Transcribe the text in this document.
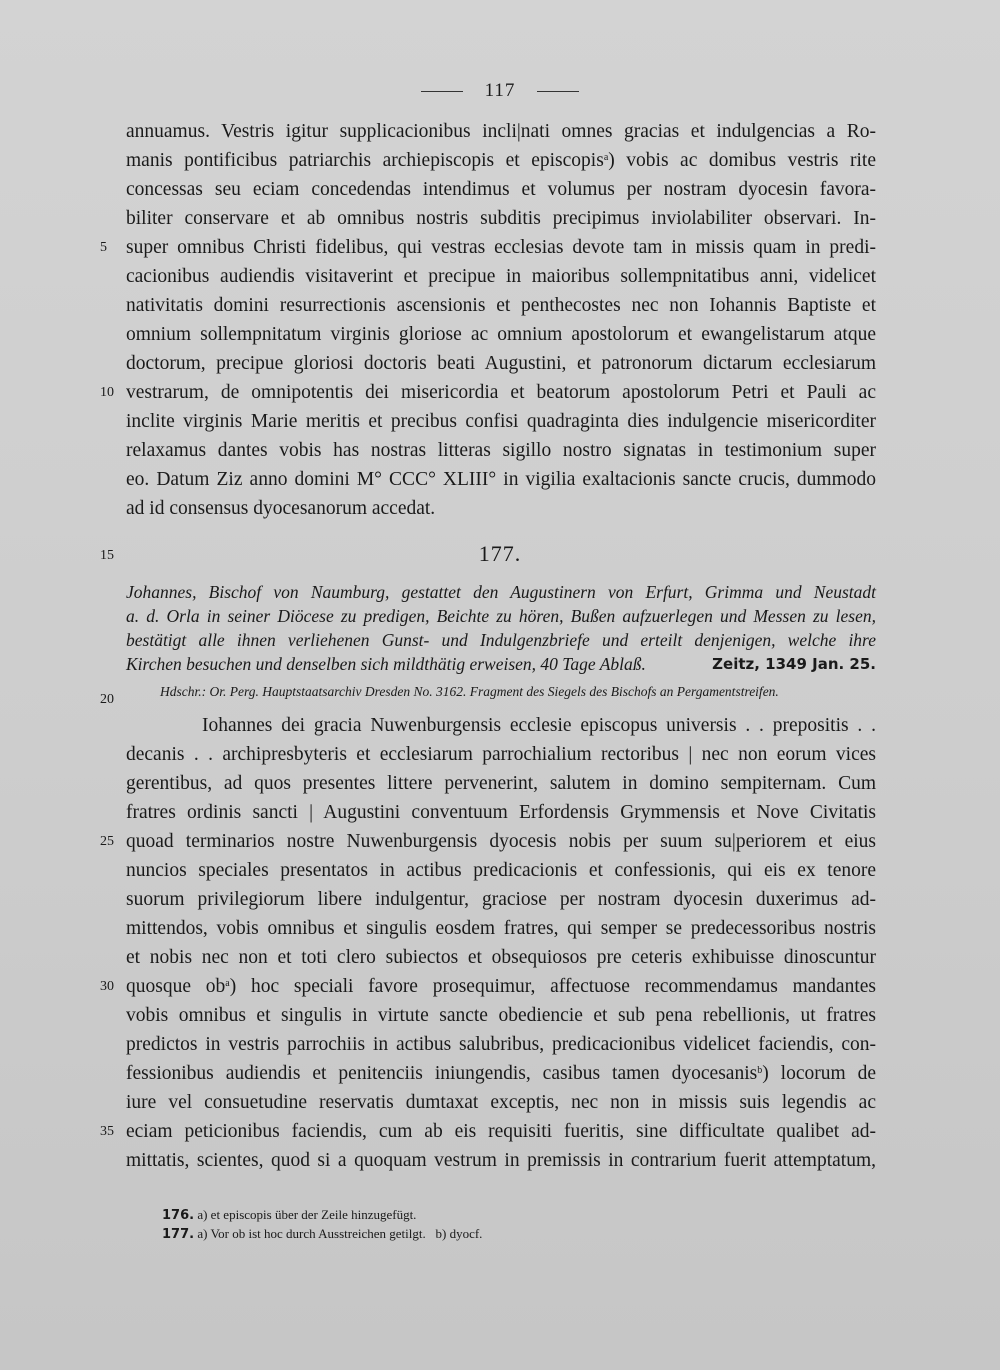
117
annuamus. Vestris igitur supplicacionibus incli|nati omnes gracias et indulgencias a Ro-
manis pontificibus patriarchis archiepiscopis et episcopis$^a$) vobis ac domibus vestris rite
concessas seu eciam concedendas intendimus et volumus per nostram dyocesin favora-
biliter conservare et ab omnibus nostris subditis precipimus inviolabiliter observari. In-
super omnibus Christi fidelibus, qui vestras ecclesias devote tam in missis quam in predi-
cacionibus audiendis visitaverint et precipue in maioribus sollempnitatibus anni, videlicet
nativitatis domini resurrectionis ascensionis et penthecostes nec non Iohannis Baptiste et
omnium sollempnitatum virginis gloriose ac omnium apostolorum et ewangelistarum atque
doctorum, precipue gloriosi doctoris beati Augustini, et patronorum dictarum ecclesiarum
vestrarum, de omnipotentis dei misericordia et beatorum apostolorum Petri et Pauli ac
inclite virginis Marie meritis et precibus confisi quadraginta dies indulgencie misericorditer
relaxamus dantes vobis has nostras litteras sigillo nostro signatas in testimonium super
eo. Datum Ziz anno domini M° CCC° XLIII° in vigilia exaltacionis sancte crucis, dummodo
ad id consensus dyocesanorum accedat.
5
10
15
20
25
30
35
177.
Johannes, Bischof von Naumburg, gestattet den Augustinern von Erfurt, Grimma und Neustadt
a. d. Orla in seiner Diöcese zu predigen, Beichte zu hören, Bußen aufzuerlegen und Messen zu lesen,
bestätigt alle ihnen verliehenen Gunst- und Indulgenzbriefe und erteilt denjenigen, welche ihre
Kirchen besuchen und denselben sich mildthätig erweisen, 40 Tage Ablaß.	Zeitz, 1349 Jan. 25.
Hdschr.: Or. Perg. Hauptstaatsarchiv Dresden No. 3162. Fragment des Siegels des Bischofs an Pergamentstreifen.
Iohannes dei gracia Nuwenburgensis ecclesie episcopus universis . . prepositis . .
decanis . . archipresbyteris et ecclesiarum parrochialium rectoribus | nec non eorum vices
gerentibus, ad quos presentes littere pervenerint, salutem in domino sempiternam. Cum
fratres ordinis sancti | Augustini conventuum Erfordensis Grymmensis et Nove Civitatis
quoad terminarios nostre Nuwenburgensis dyocesis nobis per suum su|periorem et eius
nuncios speciales presentatos in actibus predicacionis et confessionis, qui eis ex tenore
suorum privilegiorum libere indulgentur, graciose per nostram dyocesin duxerimus ad-
mittendos, vobis omnibus et singulis eosdem fratres, qui semper se predecessoribus nostris
et nobis nec non et toti clero subiectos et obsequiosos pre ceteris exhibuisse dinoscuntur
quosque $ob^a$) hoc speciali favore prosequimur, affectuose recommendamus mandantes
vobis omnibus et singulis in virtute sancte obediencie et sub pena rebellionis, ut fratres
predictos in vestris parrochiis in actibus salubribus, predicacionibus videlicet faciendis, con-
fessionibus audiendis et penitenciis iniungendis, casibus tamen dyocesanis$^b$) locorum de
iure vel consuetudine reservatis dumtaxat exceptis, nec non in missis suis legendis ac
eciam peticionibus faciendis, cum ab eis requisiti fueritis, sine difficultate qualibet ad-
mittatis, scientes, quod si a quoquam vestrum in premissis in contrarium fuerit attemptatum,
176. a) et episcopis über der Zeile hinzugefügt.
177. a) Vor ob ist hoc durch Ausstreichen getilgt.   b) dyocf.
